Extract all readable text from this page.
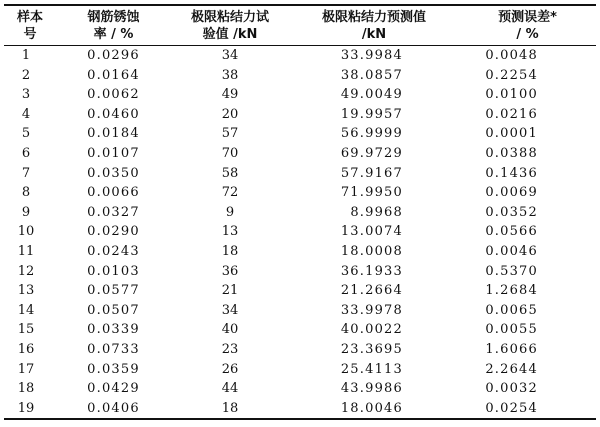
样本	钢筋锈蚀	极限粘结力试	极限粘结力预测值	预测误差*
号	率 / %	验值 /kN	/kN	/ %
1	0.0296	34	33.9984	0.0048
2	0.0164	38	38.0857	0.2254
3	0.0062	49	49.0049	0.0100
4	0.0460	20	19.9957	0.0216
5	0.0184	57	56.9999	0.0001
6	0.0107	70	69.9729	0.0388
7	0.0350	58	57.9167	0.1436
8	0.0066	72	71.9950	0.0069
9	0.0327	9	8.9968	0.0352
10	0.0290	13	13.0074	0.0566
11	0.0243	18	18.0008	0.0046
12	0.0103	36	36.1933	0.5370
13	0.0577	21	21.2664	1.2684
14	0.0507	34	33.9978	0.0065
15	0.0339	40	40.0022	0.0055
16	0.0733	23	23.3695	1.6066
17	0.0359	26	25.4113	2.2644
18	0.0429	44	43.9986	0.0032
19	0.0406	18	18.0046	0.0254
